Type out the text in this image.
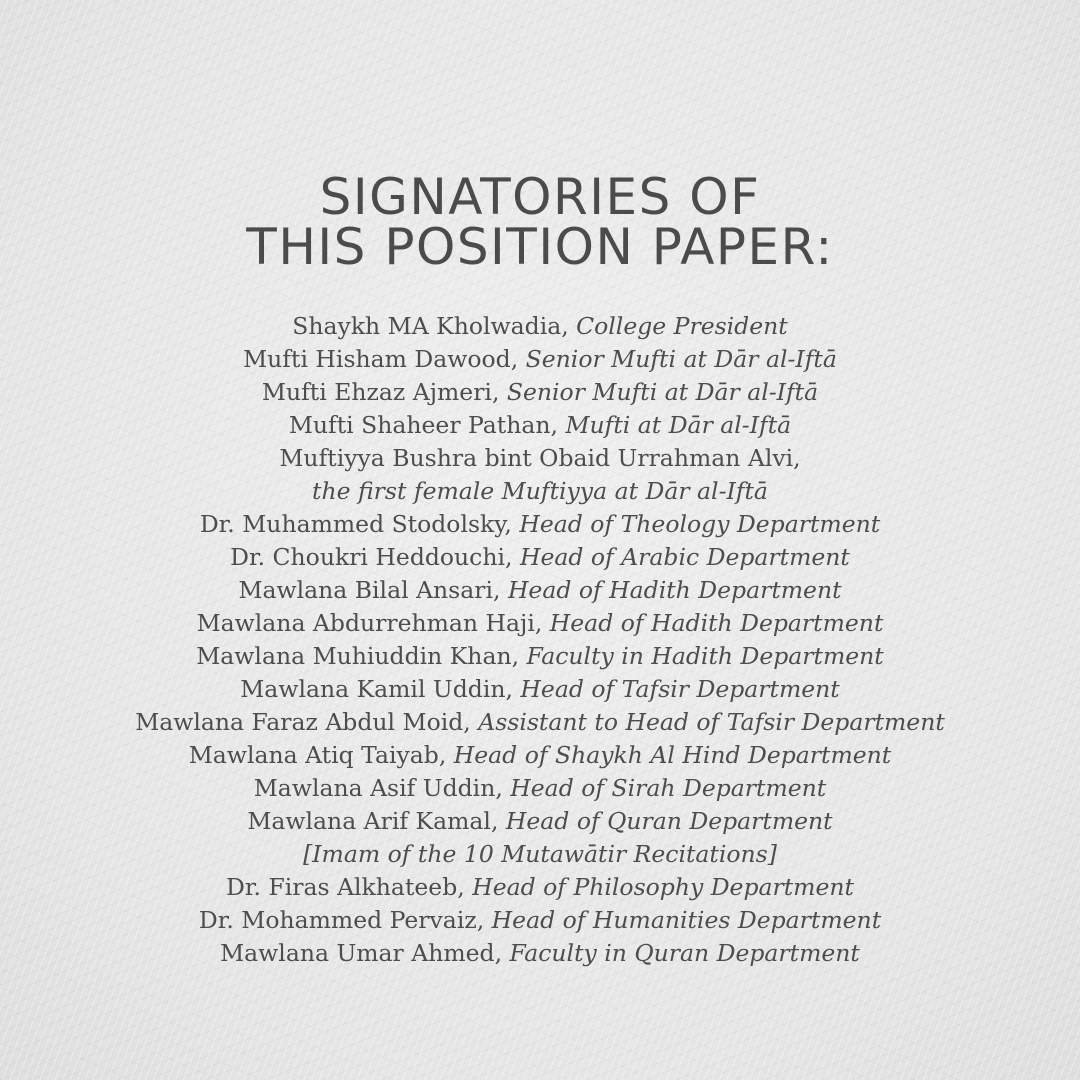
SIGNATORIES OF
THIS POSITION PAPER:
Shaykh MA Kholwadia, College President
Mufti Hisham Dawood, Senior Mufti at Dār al-Iftā
Mufti Ehzaz Ajmeri, Senior Mufti at Dār al-Iftā
Mufti Shaheer Pathan, Mufti at Dār al-Iftā
Muftiyya Bushra bint Obaid Urrahman Alvi,
the first female Muftiyya at Dār al-Iftā
Dr. Muhammed Stodolsky, Head of Theology Department
Dr. Choukri Heddouchi, Head of Arabic Department
Mawlana Bilal Ansari, Head of Hadith Department
Mawlana Abdurrehman Haji, Head of Hadith Department
Mawlana Muhiuddin Khan, Faculty in Hadith Department
Mawlana Kamil Uddin, Head of Tafsir Department
Mawlana Faraz Abdul Moid, Assistant to Head of Tafsir Department
Mawlana Atiq Taiyab, Head of Shaykh Al Hind Department
Mawlana Asif Uddin, Head of Sirah Department
Mawlana Arif Kamal, Head of Quran Department
[Imam of the 10 Mutawātir Recitations]
Dr. Firas Alkhateeb, Head of Philosophy Department
Dr. Mohammed Pervaiz, Head of Humanities Department
Mawlana Umar Ahmed, Faculty in Quran Department
